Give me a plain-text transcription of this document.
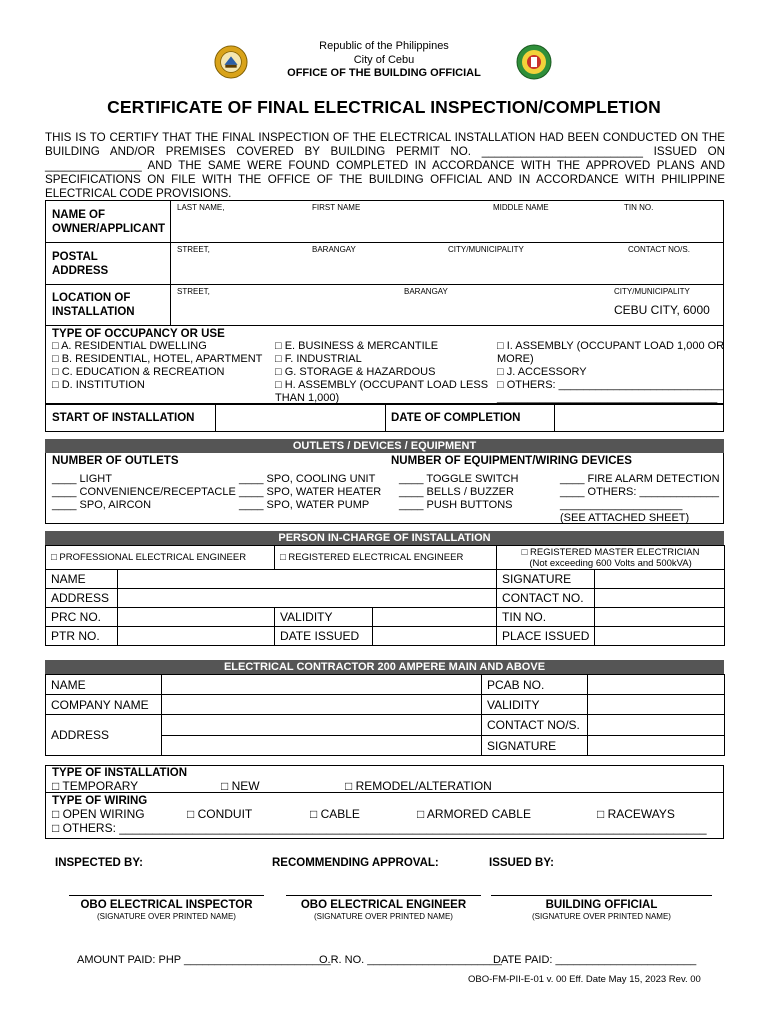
Republic of the Philippines
City of Cebu
OFFICE OF THE BUILDING OFFICIAL
CERTIFICATE OF FINAL ELECTRICAL INSPECTION/COMPLETION
THIS IS TO CERTIFY THAT THE FINAL INSPECTION OF THE ELECTRICAL INSTALLATION HAD BEEN CONDUCTED ON THE BUILDING AND/OR PREMISES COVERED BY BUILDING PERMIT NO. _________________________ ISSUED ON _______________ AND THE SAME WERE FOUND COMPLETED IN ACCORDANCE WITH THE APPROVED PLANS AND SPECIFICATIONS ON FILE WITH THE OFFICE OF THE BUILDING OFFICIAL AND IN ACCORDANCE WITH PHILIPPINE ELECTRICAL CODE PROVISIONS.
NAME OF
OWNER/APPLICANT
LAST NAME,	FIRST NAME	MIDDLE NAME	TIN NO.
POSTAL
ADDRESS
STREET,	BARANGAY	CITY/MUNICIPALITY	CONTACT NO/S.
LOCATION OF
INSTALLATION
STREET,	BARANGAY	CITY/MUNICIPALITY
CEBU CITY, 6000
TYPE OF OCCUPANCY OR USE
□ A. RESIDENTIAL DWELLING
□ B. RESIDENTIAL, HOTEL, APARTMENT
□ C. EDUCATION & RECREATION
□ D. INSTITUTION
□ E. BUSINESS & MERCANTILE
□ F. INDUSTRIAL
□ G. STORAGE & HAZARDOUS
□ H. ASSEMBLY (OCCUPANT LOAD LESS
THAN 1,000)
□ I. ASSEMBLY (OCCUPANT LOAD 1,000 OR
MORE)
□ J. ACCESSORY
□ OTHERS: ___________________________
____________________________________
START OF INSTALLATION	DATE OF COMPLETION
OUTLETS / DEVICES / EQUIPMENT
NUMBER OF OUTLETS	NUMBER OF EQUIPMENT/WIRING DEVICES
____ LIGHT
____ CONVENIENCE/RECEPTACLE
____ SPO, AIRCON
____ SPO, COOLING UNIT
____ SPO, WATER HEATER
____ SPO, WATER PUMP
____ TOGGLE SWITCH
____ BELLS / BUZZER
____ PUSH BUTTONS
____ FIRE ALARM DETECTION
____ OTHERS: _____________
____________________
(SEE ATTACHED SHEET)
PERSON IN-CHARGE OF INSTALLATION
□ PROFESSIONAL ELECTRICAL ENGINEER		□ REGISTERED ELECTRICAL ENGINEER		□ REGISTERED MASTER ELECTRICIAN
(Not exceeding 600 Volts and 500kVA)	

NAME				SIGNATURE	
ADDRESS				CONTACT NO.	
PRC NO.		VALIDITY		TIN NO.	
PTR NO.		DATE ISSUED		PLACE ISSUED	
ELECTRICAL CONTRACTOR 200 AMPERE MAIN AND ABOVE
NAME		PCAB NO.	
COMPANY NAME		VALIDITY	
ADDRESS		CONTACT NO/S.	
		SIGNATURE	
TYPE OF INSTALLATION
□ TEMPORARY	□ NEW	□ REMODEL/ALTERATION
TYPE OF WIRING
□ OPEN WIRING	□ CONDUIT	□ CABLE	□ ARMORED CABLE	□ RACEWAYS
□ OTHERS: ________________________________________________________________________________________
INSPECTED BY:	RECOMMENDING APPROVAL:	ISSUED BY:
OBO ELECTRICAL INSPECTOR
(SIGNATURE OVER PRINTED NAME)
OBO ELECTRICAL ENGINEER
(SIGNATURE OVER PRINTED NAME)
BUILDING OFFICIAL
(SIGNATURE OVER PRINTED NAME)
AMOUNT PAID: PHP ________________________
O.R. NO. ______________________
DATE PAID: _______________________
OBO-FM-PII-E-01 v. 00 Eff. Date May 15, 2023 Rev. 00
